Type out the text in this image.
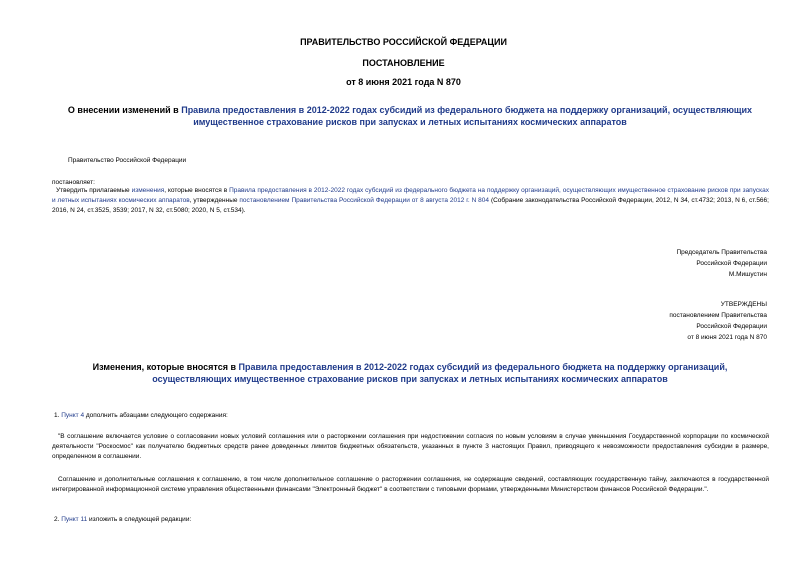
ПРАВИТЕЛЬСТВО РОССИЙСКОЙ ФЕДЕРАЦИИ
ПОСТАНОВЛЕНИЕ
от 8 июня 2021 года N 870
О внесении изменений в Правила предоставления в 2012-2022 годах субсидий из федерального бюджета на поддержку организаций, осуществляющих имущественное страхование рисков при запусках и летных испытаниях космических аппаратов
Правительство Российской Федерации
постановляет:
Утвердить прилагаемые изменения, которые вносятся в Правила предоставления в 2012-2022 годах субсидий из федерального бюджета на поддержку организаций, осуществляющих имущественное страхование рисков при запусках и летных испытаниях космических аппаратов, утвержденные постановлением Правительства Российской Федерации от 8 августа 2012 г. N 804 (Собрание законодательства Российской Федерации, 2012, N 34, ст.4732; 2013, N 6, ст.566; 2016, N 24, ст.3525, 3539; 2017, N 32, ст.5080; 2020, N 5, ст.534).
Председатель Правительства
Российской Федерации
М.Мишустин
УТВЕРЖДЕНЫ
постановлением Правительства
Российской Федерации
от 8 июня 2021 года N 870
Изменения, которые вносятся в Правила предоставления в 2012-2022 годах субсидий из федерального бюджета на поддержку организаций, осуществляющих имущественное страхование рисков при запусках и летных испытаниях космических аппаратов
1. Пункт 4 дополнить абзацами следующего содержания:
"В соглашение включается условие о согласовании новых условий соглашения или о расторжении соглашения при недостижении согласия по новым условиям в случае уменьшения Государственной корпорации по космической деятельности "Роскосмос" как получателю бюджетных средств ранее доведенных лимитов бюджетных обязательств, указанных в пункте 3 настоящих Правил, приводящего к невозможности предоставления субсидии в размере, определенном в соглашении.
Соглашение и дополнительные соглашения к соглашению, в том числе дополнительное соглашение о расторжении соглашения, не содержащие сведений, составляющих государственную тайну, заключаются в государственной интегрированной информационной системе управления общественными финансами "Электронный бюджет" в соответствии с типовыми формами, утвержденными Министерством финансов Российской Федерации.".
2. Пункт 11 изложить в следующей редакции:
